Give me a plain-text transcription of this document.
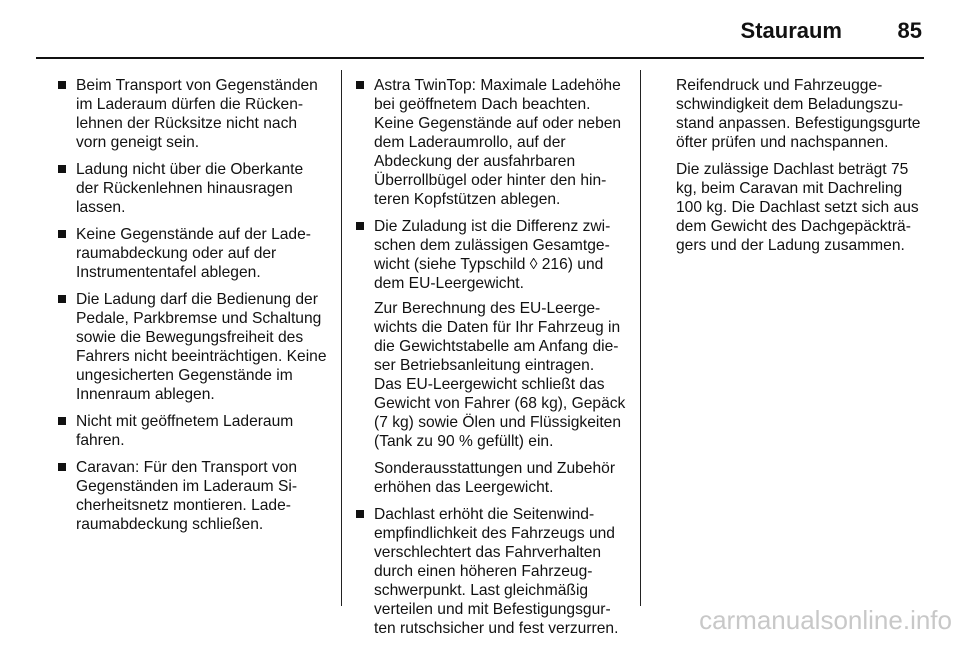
Stauraum	85
Beim Transport von Gegenständen im Laderaum dürfen die Rückenlehnen der Rücksitze nicht nach vorn geneigt sein.
Ladung nicht über die Oberkante der Rückenlehnen hinausragen lassen.
Keine Gegenstände auf der Laderaumabdeckung oder auf der Instrumententafel ablegen.
Die Ladung darf die Bedienung der Pedale, Parkbremse und Schaltung sowie die Bewegungsfreiheit des Fahrers nicht beeinträchtigen. Keine ungesicherten Gegenstände im Innenraum ablegen.
Nicht mit geöffnetem Laderaum fahren.
Caravan: Für den Transport von Gegenständen im Laderaum Sicherheitsnetz montieren. Laderaumabdeckung schließen.
Astra TwinTop: Maximale Ladehöhe bei geöffnetem Dach beachten. Keine Gegenstände auf oder neben dem Laderaumrollo, auf der Abdeckung der ausfahrbaren Überrollbügel oder hinter den hinteren Kopfstützen ablegen.
Die Zuladung ist die Differenz zwischen dem zulässigen Gesamtgewicht (siehe Typschild ◊ 216) und dem EU-Leergewicht.

Zur Berechnung des EU-Leergewichts die Daten für Ihr Fahrzeug in die Gewichtstabelle am Anfang dieser Betriebsanleitung eintragen.

Das EU-Leergewicht schließt das Gewicht von Fahrer (68 kg), Gepäck (7 kg) sowie Ölen und Flüssigkeiten (Tank zu 90 % gefüllt) ein.

Sonderausstattungen und Zubehör erhöhen das Leergewicht.

Dachlast erhöht die Seitenwindempfindlichkeit des Fahrzeugs und verschlechtert das Fahrverhalten durch einen höheren Fahrzeugschwerpunkt. Last gleichmäßig verteilen und mit Befestigungsgurten rutschsicher und fest verzurren.

Reifendruck und Fahrzeuggeschwindigkeit dem Beladungszustand anpassen. Befestigungsgurte öfter prüfen und nachspannen.

Die zulässige Dachlast beträgt 75 kg, beim Caravan mit Dachreling 100 kg. Die Dachlast setzt sich aus dem Gewicht des Dachgepäckträgers und der Ladung zusammen.

carmanualsonline.info
